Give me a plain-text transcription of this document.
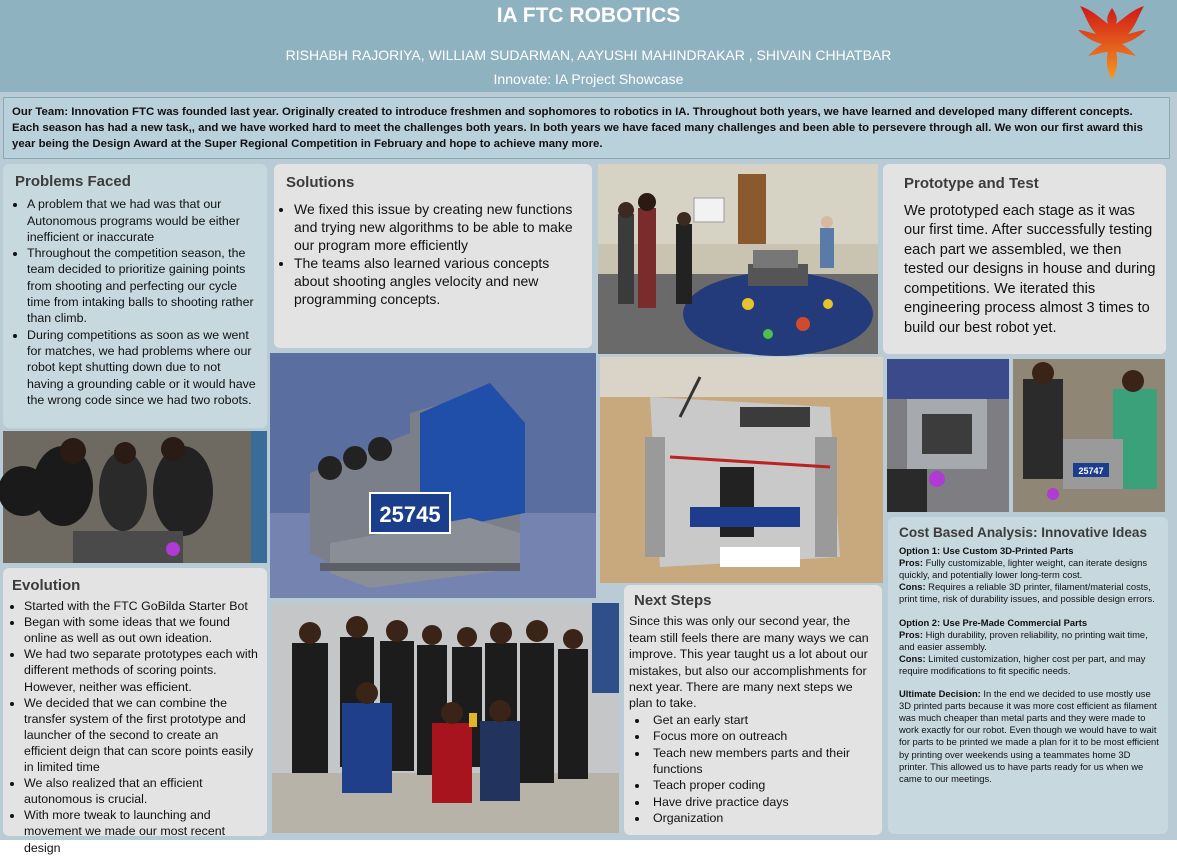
IA FTC ROBOTICS
RISHABH RAJORIYA, WILLIAM SUDARMAN, AAYUSHI MAHINDRAKAR , SHIVAIN CHHATBAR
Innovate: IA Project Showcase
Our Team: Innovation FTC was founded last year. Originally created to introduce freshmen and sophomores to robotics in IA. Throughout both years, we have learned and developed many different concepts. Each season has had a new task,, and we have worked hard to meet the challenges both years. In both years we have faced many challenges and been able to persevere through all. We won our first award this year being the Design Award at the Super Regional Competition in February and hope to achieve many more.
Problems Faced
• A problem that we had was that our Autonomous programs would be either inefficient or inaccurate
• Throughout the competition season, the team decided to prioritize gaining points from shooting and perfecting our cycle time from intaking balls to shooting rather than climb.
• During competitions as soon as we went for matches, we had problems where our robot kept shutting down due to not having a grounding cable or it would have the wrong code since we had two robots.
Solutions
• We fixed this issue by creating new functions and trying new algorithms to be able to make our program more efficiently
• The teams also learned various concepts about shooting angles velocity and new programming concepts.
Prototype and Test
We prototyped each stage as it was our first time. After successfully testing each part we assembled, we then tested our designs in house and during competitions. We iterated this engineering process almost 3 times to build our best robot yet.
25745
Evolution
• Started with the FTC GoBilda Starter Bot
• Began with some ideas that we found online as well as out own ideation.
• We had two separate prototypes each with different methods of scoring points. However, neither was efficient.
• We decided that we can combine the transfer system of the first prototype and launcher of the second to create an efficient deign that can score points easily in limited time
• We also realized that an efficient autonomous is crucial.
• With more tweak to launching and movement we made our most recent design
Next Steps
Since this was only our second year, the team still feels there are many ways we can improve. This year taught us a lot about our mistakes, but also our accomplishments for next year. There are many next steps we plan to take.
• Get an early start
• Focus more on outreach
• Teach new members parts and their functions
• Teach proper coding
• Have drive practice days
• Organization
25747
Cost Based Analysis: Innovative Ideas
Option 1: Use Custom 3D-Printed Parts
Pros: Fully customizable, lighter weight, can iterate designs quickly, and potentially lower long-term cost.
Cons: Requires a reliable 3D printer, filament/material costs, print time, risk of durability issues, and possible design errors.
Option 2: Use Pre-Made Commercial Parts
Pros: High durability, proven reliability, no printing wait time, and easier assembly.
Cons: Limited customization, higher cost per part, and may require modifications to fit specific needs.
Ultimate Decision: In the end we decided to use mostly use 3D printed parts because it was more cost efficient as filament was much cheaper than metal parts and they were made to work exactly for our robot. Even though we would have to wait for parts to be printed we made a plan for it to be most efficient by printing over weekends using a teammates home 3D printer. This allowed us to have parts ready for us when we came to our meetings.
